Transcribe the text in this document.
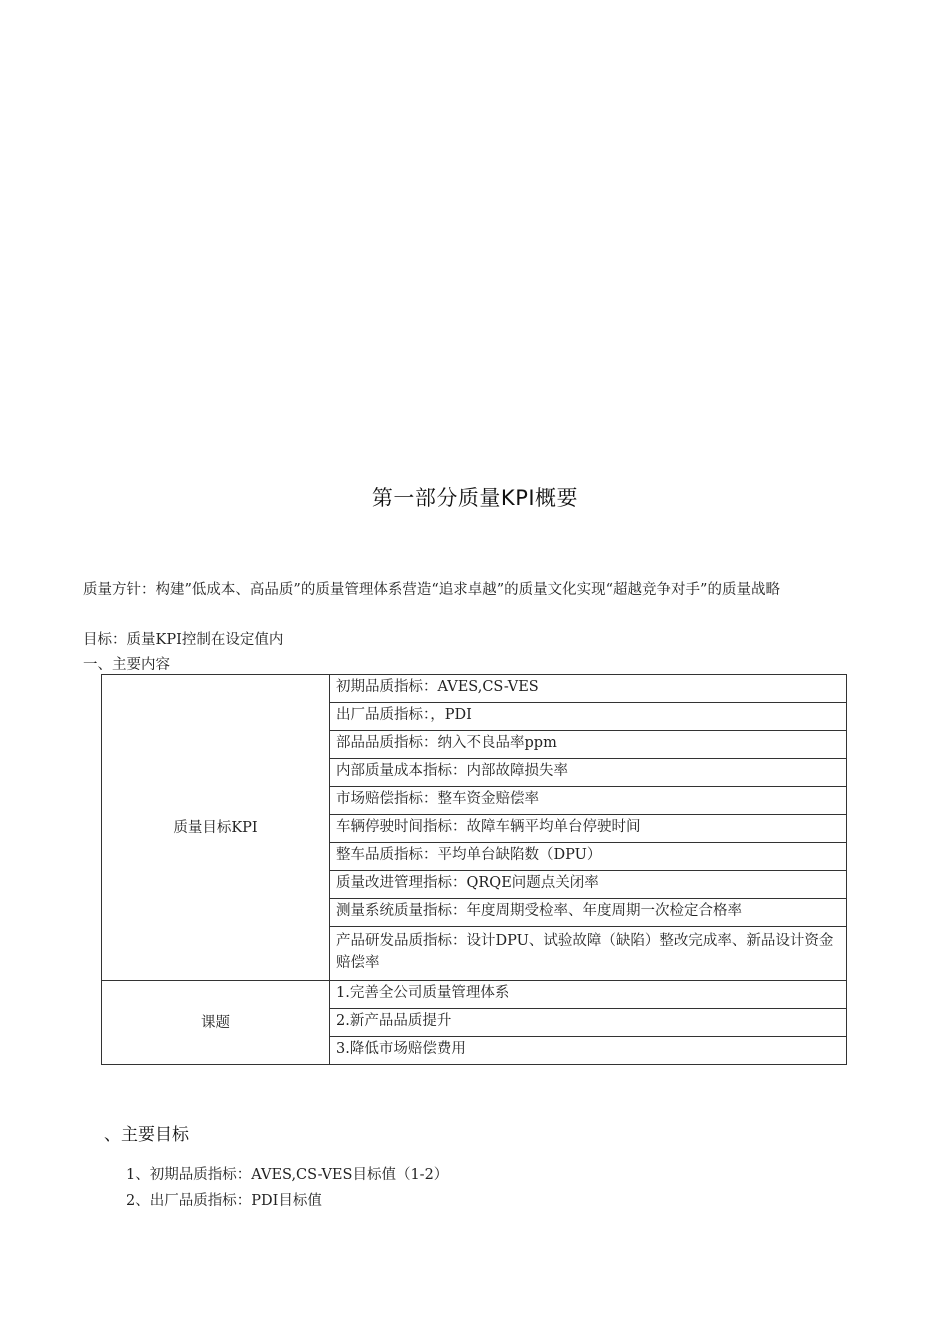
第一部分质量KPI概要
质量方针：构建”低成本、高品质”的质量管理体系营造“追求卓越”的质量文化实现“超越竞争对手”的质量战略
目标：质量KPI控制在设定值内
一、主要内容
质量目标KPI	初期品质指标：AVES,CS-VES
	出厂品质指标：，PDI
	部品品质指标：纳入不良品率ppm
	内部质量成本指标：内部故障损失率
	市场赔偿指标：整车资金赔偿率
	车辆停驶时间指标：故障车辆平均单台停驶时间
	整车品质指标：平均单台缺陷数（DPU）
	质量改进管理指标：QRQE问题点关闭率
	测量系统质量指标：年度周期受检率、年度周期一次检定合格率
	产品研发品质指标：设计DPU、试验故障（缺陷）整改完成率、新品设计资金赔偿率
课题	1.完善全公司质量管理体系
	2.新产品品质提升
	3.降低市场赔偿费用
、主要目标
1、初期品质指标：AVES,CS-VES目标值（1-2）
2、出厂品质指标：PDI目标值
